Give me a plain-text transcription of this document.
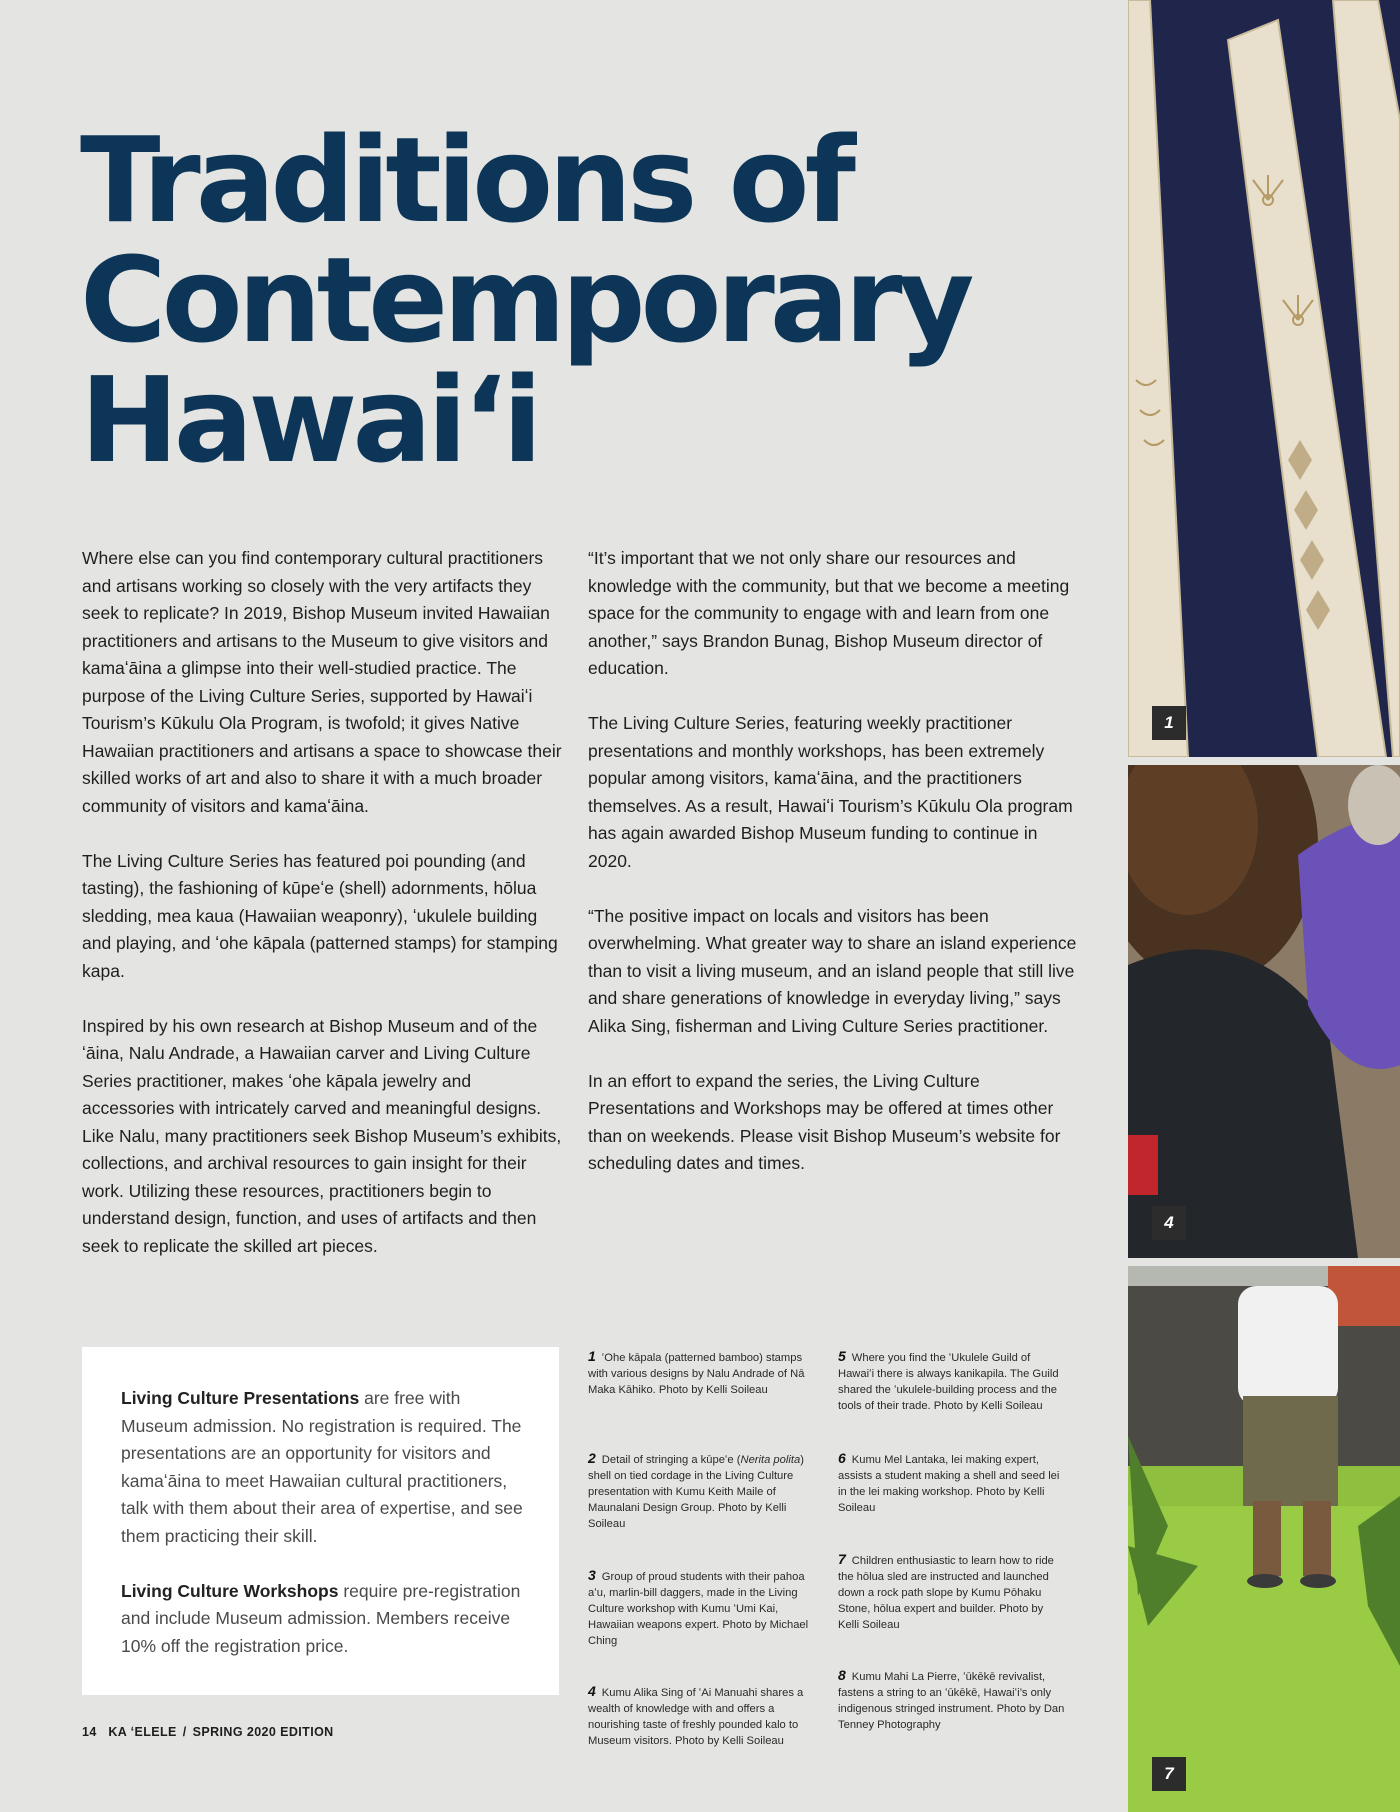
Traditions of
Contemporary
Hawai‘i

Where else can you find contemporary cultural practitioners and artisans working so closely with the very artifacts they seek to replicate? In 2019, Bishop Museum invited Hawaiian practitioners and artisans to the Museum to give visitors and kamaʻāina a glimpse into their well-studied practice. The purpose of the Living Culture Series, supported by Hawaiʻi Tourism’s Kūkulu Ola Program, is twofold; it gives Native Hawaiian practitioners and artisans a space to showcase their skilled works of art and also to share it with a much broader community of visitors and kamaʻāina.

The Living Culture Series has featured poi pounding (and tasting), the fashioning of kūpeʻe (shell) adornments, hōlua sledding, mea kaua (Hawaiian weaponry), ʻukulele building and playing, and ʻohe kāpala (patterned stamps) for stamping kapa.

Inspired by his own research at Bishop Museum and of the ʻāina, Nalu Andrade, a Hawaiian carver and Living Culture Series practitioner, makes ʻohe kāpala jewelry and accessories with intricately carved and meaningful designs. Like Nalu, many practitioners seek Bishop Museum’s exhibits, collections, and archival resources to gain insight for their work. Utilizing these resources, practitioners begin to understand design, function, and uses of artifacts and then seek to replicate the skilled art pieces.

“It’s important that we not only share our resources and knowledge with the community, but that we become a meeting space for the community to engage with and learn from one another,” says Brandon Bunag, Bishop Museum director of education.

The Living Culture Series, featuring weekly practitioner presentations and monthly workshops, has been extremely popular among visitors, kamaʻāina, and the practitioners themselves. As a result, Hawaiʻi Tourism’s Kūkulu Ola program has again awarded Bishop Museum funding to continue in 2020.

“The positive impact on locals and visitors has been overwhelming. What greater way to share an island experience than to visit a living museum, and an island people that still live and share generations of knowledge in everyday living,” says Alika Sing, fisherman and Living Culture Series practitioner.

In an effort to expand the series, the Living Culture Presentations and Workshops may be offered at times other than on weekends. Please visit Bishop Museum’s website for scheduling dates and times.

Living Culture Presentations are free with Museum admission. No registration is required. The presentations are an opportunity for visitors and kamaʻāina to meet Hawaiian cultural practitioners, talk with them about their area of expertise, and see them practicing their skill.

Living Culture Workshops require pre-registration and include Museum admission. Members receive 10% off the registration price.

1 ʻOhe kāpala (patterned bamboo) stamps with various designs by Nalu Andrade of Nā Maka Kāhiko. Photo by Kelli Soileau
2 Detail of stringing a kūpeʻe (Nerita polita) shell on tied cordage in the Living Culture presentation with Kumu Keith Maile of Maunalani Design Group. Photo by Kelli Soileau
3 Group of proud students with their pahoa aʻu, marlin-bill daggers, made in the Living Culture workshop with Kumu ʻUmi Kai, Hawaiian weapons expert. Photo by Michael Ching
4 Kumu Alika Sing of ʻAi Manuahi shares a wealth of knowledge with and offers a nourishing taste of freshly pounded kalo to Museum visitors. Photo by Kelli Soileau
5 Where you find the ʻUkulele Guild of Hawaiʻi there is always kanikapila. The Guild shared the ʻukulele-building process and the tools of their trade. Photo by Kelli Soileau
6 Kumu Mel Lantaka, lei making expert, assists a student making a shell and seed lei in the lei making workshop. Photo by Kelli Soileau
7 Children enthusiastic to learn how to ride the hōlua sled are instructed and launched down a rock path slope by Kumu Pōhaku Stone, hōlua expert and builder. Photo by Kelli Soileau
8 Kumu Mahi La Pierre, ʻūkēkē revivalist, fastens a string to an ʻūkēkē, Hawaiʻi’s only indigenous stringed instrument. Photo by Dan Tenney Photography
14 KA ʻELELE / SPRING 2020 EDITION
1
4
7
